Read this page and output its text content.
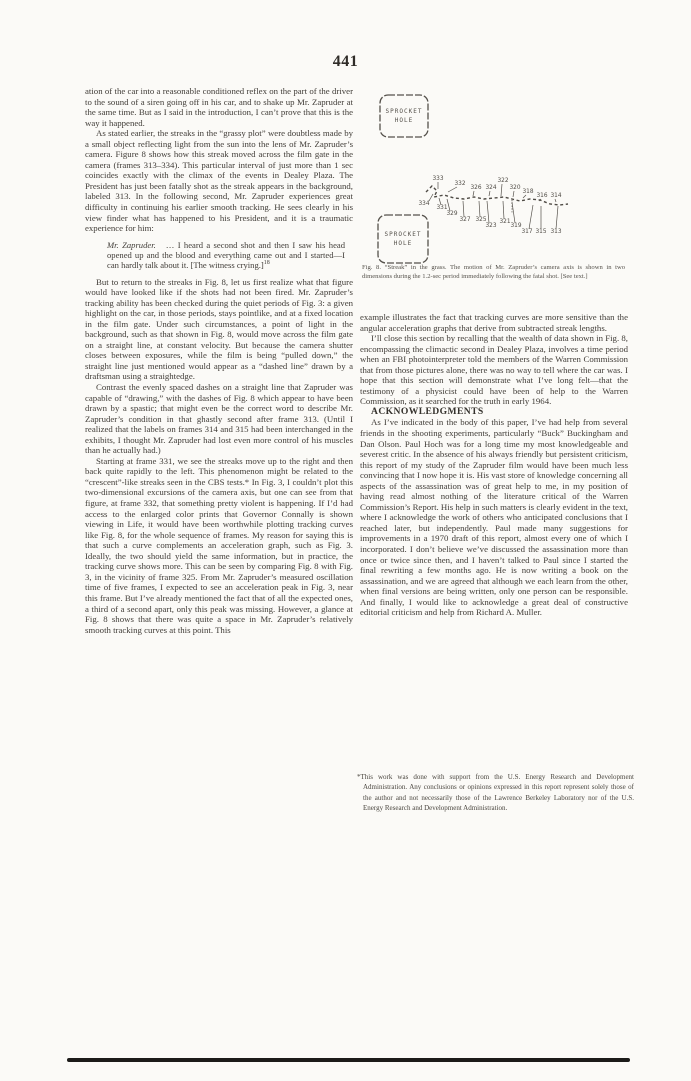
441

ation of the car into a reasonable conditioned reflex on the part of the driver to the sound of a siren going off in his car, and to shake up Mr. Zapruder at the same time. But as I said in the introduction, I can’t prove that this is the way it happened.

As stated earlier, the streaks in the “grassy plot” were doubtless made by a small object reflecting light from the sun into the lens of Mr. Zapruder’s camera. Figure 8 shows how this streak moved across the film gate in the camera (frames 313–334). This particular interval of just more than 1 sec coincides exactly with the climax of the events in Dealey Plaza. The President has just been fatally shot as the streak appears in the background, labeled 313. In the following second, Mr. Zapruder experiences great difficulty in continuing his earlier smooth tracking. He sees clearly in his view finder what has happened to his President, and it is a traumatic experience for him:

Mr. Zapruder. … I heard a second shot and then I saw his head opened up and the blood and everything came out and I started—I can hardly talk about it. [The witness crying.]$^{18}$

But to return to the streaks in Fig. 8, let us first realize what that figure would have looked like if the shots had not been fired. Mr. Zapruder’s tracking ability has been checked during the quiet periods of Fig. 3: a given highlight on the car, in those periods, stays pointlike, and at a fixed location in the film gate. Under such circumstances, a point of light in the background, such as that shown in Fig. 8, would move across the film gate on a straight line, at constant velocity. But because the camera shutter closes between exposures, while the film is being “pulled down,” the straight line just mentioned would appear as a “dashed line” drawn by a draftsman using a straightedge.

Contrast the evenly spaced dashes on a straight line that Zapruder was capable of “drawing,” with the dashes of Fig. 8 which appear to have been drawn by a spastic; that might even be the correct word to describe Mr. Zapruder’s condition in that ghastly second after frame 313. (Until I realized that the labels on frames 314 and 315 had been interchanged in the exhibits, I thought Mr. Zapruder had lost even more control of his muscles than he actually had.)

Starting at frame 331, we see the streaks move up to the right and then back quite rapidly to the left. This phenomenon might be related to the “crescent”-like streaks seen in the CBS tests.* In Fig. 3, I couldn’t plot this two-dimensional excursions of the camera axis, but one can see from that figure, at frame 332, that something pretty violent is happening. If I’d had access to the enlarged color prints that Governor Connally is shown viewing in Life, it would have been worthwhile plotting tracking curves like Fig. 8, for the whole sequence of frames. My reason for saying this is that such a curve complements an acceleration graph, such as Fig. 3. Ideally, the two should yield the same information, but in practice, the tracking curve shows more. This can be seen by comparing Fig. 8 with Fig. 3, in the vicinity of frame 325. From Mr. Zapruder’s measured oscillation time of five frames, I expected to see an acceleration peak in Fig. 3, near this frame. But I’ve already mentioned the fact that of all the expected ones, a third of a second apart, only this peak was missing. However, a glance at Fig. 8 shows that there was quite a space in Mr. Zapruder’s relatively smooth tracking curves at this point. This

SPROCKET
HOLE
SPROCKET
HOLE
333
332
326 324
322
320
318
316 314
334
331
329
327 325
323
321
319
317 315 313
Fig. 8. “Streak” in the grass. The motion of Mr. Zapruder’s camera axis is shown in two dimensions during the 1.2-sec period immediately following the fatal shot. [See text.]

example illustrates the fact that tracking curves are more sensitive than the angular acceleration graphs that derive from subtracted streak lengths.

I’ll close this section by recalling that the wealth of data shown in Fig. 8, encompassing the climactic second in Dealey Plaza, involves a time period when an FBI photointerpreter told the members of the Warren Commission that from those pictures alone, there was no way to tell where the car was. I hope that this section will demonstrate what I’ve long felt—that the testimony of a physicist could have been of help to the Warren Commission, as it searched for the truth in early 1964.

ACKNOWLEDGMENTS

As I’ve indicated in the body of this paper, I’ve had help from several friends in the shooting experiments, particularly “Buck” Buckingham and Dan Olson. Paul Hoch was for a long time my most knowledgeable and severest critic. In the absence of his always friendly but persistent criticism, this report of my study of the Zapruder film would have been much less convincing that I now hope it is. His vast store of knowledge concerning all aspects of the assassination was of great help to me, in my position of having read almost nothing of the literature critical of the Warren Commission’s Report. His help in such matters is clearly evident in the text, where I acknowledge the work of others who anticipated conclusions that I reached later, but independently. Paul made many suggestions for improvements in a 1970 draft of this report, almost every one of which I incorporated. I don’t believe we’ve discussed the assassination more than once or twice since then, and I haven’t talked to Paul since I started the final rewriting a few months ago. He is now writing a book on the assassination, and we are agreed that although we each learn from the other, when final versions are being written, only one person can be responsible. And finally, I would like to acknowledge a great deal of constructive editorial criticism and help from Richard A. Muller.

*This work was done with support from the U.S. Energy Research and Development Administration. Any conclusions or opinions expressed in this report represent solely those of the author and not necessarily those of the Lawrence Berkeley Laboratory nor of the U.S. Energy Research and Development Administration.
